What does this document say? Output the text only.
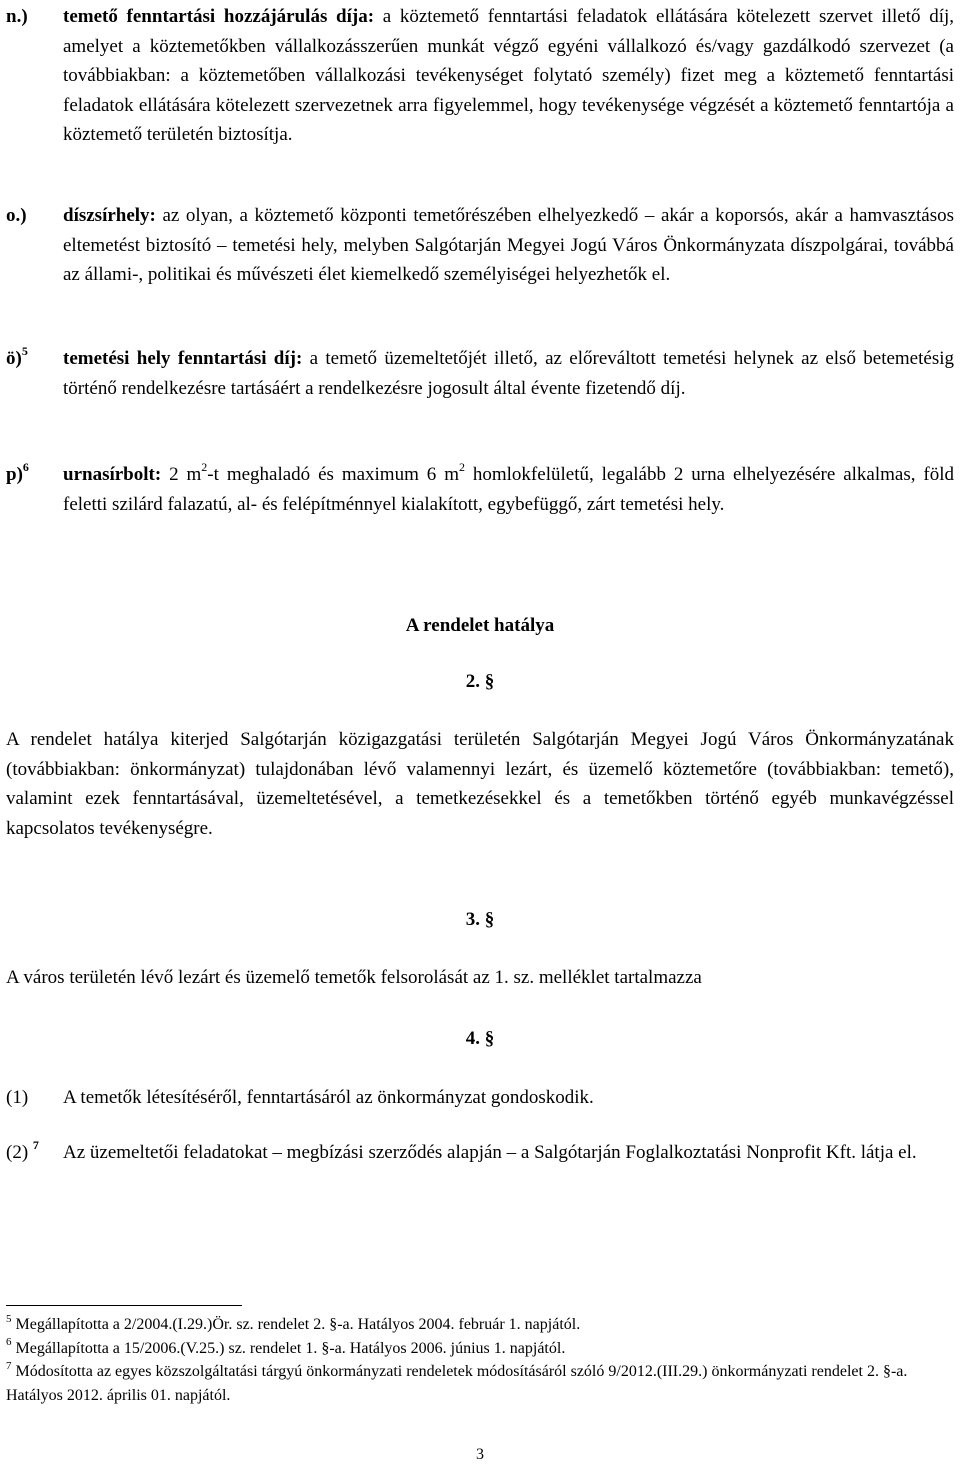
n.)	temető fenntartási hozzájárulás díja: a köztemető fenntartási feladatok ellátására kötelezett szervet illető díj, amelyet a köztemetőkben vállalkozásszerűen munkát végző egyéni vállalkozó és/vagy gazdálkodó szervezet (a továbbiakban: a köztemetőben vállalkozási tevékenységet folytató személy) fizet meg a köztemető fenntartási feladatok ellátására kötelezett szervezetnek arra figyelemmel, hogy tevékenysége végzését a köztemető fenntartója a köztemető területén biztosítja.
o.)	díszsírhely: az olyan, a köztemető központi temetőrészében elhelyezkedő – akár a koporsós, akár a hamvasztásos eltemetést biztosító – temetési hely, melyben Salgótarján Megyei Jogú Város Önkormányzata díszpolgárai, továbbá az állami-, politikai és művészeti élet kiemelkedő személyiségei helyezhetők el.
ö)$^5$	temetési hely fenntartási díj: a temető üzemeltetőjét illető, az előreváltott temetési helynek az első betemetésig történő rendelkezésre tartásáért a rendelkezésre jogosult által évente fizetendő díj.
p)$^6$	urnasírbolt: 2 $m^2-t$ meghaladó és maximum 6 $m^2$ homlokfelületű, legalább 2 urna elhelyezésére alkalmas, föld feletti szilárd falazatú, al- és felépítménnyel kialakított, egybefüggő, zárt temetési hely.
A rendelet hatálya
2. §
A rendelet hatálya kiterjed Salgótarján közigazgatási területén Salgótarján Megyei Jogú Város Önkormányzatának (továbbiakban: önkormányzat) tulajdonában lévő valamennyi lezárt, és üzemelő köztemetőre (továbbiakban: temető), valamint ezek fenntartásával, üzemeltetésével, a temetkezésekkel és a temetőkben történő egyéb munkavégzéssel kapcsolatos tevékenységre.
3. §
A város területén lévő lezárt és üzemelő temetők felsorolását az 1. sz. melléklet tartalmazza
4. §
(1)	A temetők létesítéséről, fenntartásáról az önkormányzat gondoskodik.
(2) $^7$	Az üzemeltetői feladatokat – megbízási szerződés alapján – a Salgótarján Foglalkoztatási Nonprofit Kft. látja el.
$^5$ Megállapította a 2/2004.(I.29.)Ör. sz. rendelet 2. §-a. Hatályos 2004. február 1. napjától.
$^6$ Megállapította a 15/2006.(V.25.) sz. rendelet 1. §-a. Hatályos 2006. június 1. napjától.
$^7$ Módosította az egyes közszolgáltatási tárgyú önkormányzati rendeletek módosításáról szóló 9/2012.(III.29.) önkormányzati rendelet 2. §-a. Hatályos 2012. április 01. napjától.
3
